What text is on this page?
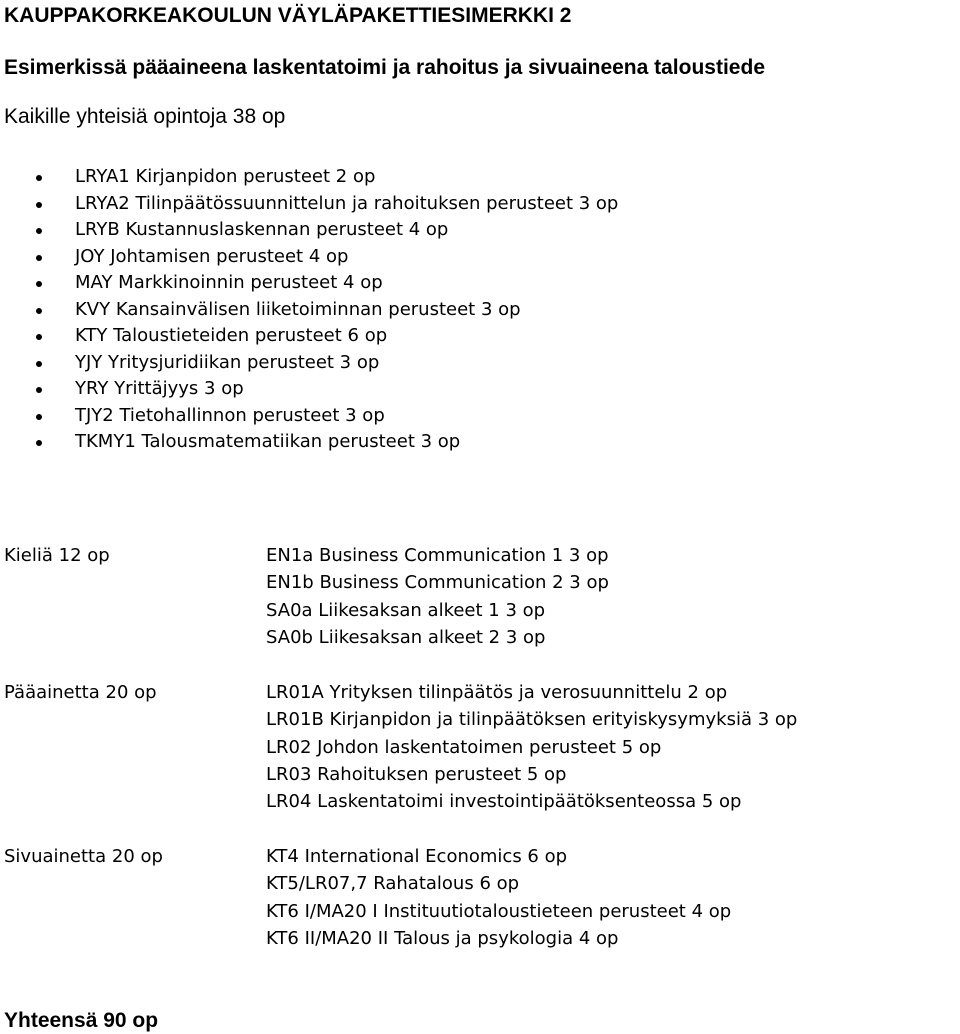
KAUPPAKORKEAKOULUN VÄYLÄPAKETTIESIMERKKI 2
Esimerkissä pääaineena laskentatoimi ja rahoitus ja sivuaineena taloustiede
Kaikille yhteisiä opintoja 38 op
LRYA1 Kirjanpidon perusteet 2 op
LRYA2 Tilinpäätössuunnittelun ja rahoituksen perusteet 3 op
LRYB Kustannuslaskennan perusteet 4 op
JOY Johtamisen perusteet 4 op
MAY Markkinoinnin perusteet 4 op
KVY Kansainvälisen liiketoiminnan perusteet 3 op
KTY Taloustieteiden perusteet 6 op
YJY Yritysjuridiikan perusteet 3 op
YRY Yrittäjyys 3 op
TJY2 Tietohallinnon perusteet 3 op
TKMY1 Talousmatematiikan perusteet 3 op
Kieliä 12 op	EN1a Business Communication 1 3 op
EN1b Business Communication 2 3 op
SA0a Liikesaksan alkeet 1 3 op
SA0b Liikesaksan alkeet 2 3 op
Pääainetta 20 op	LR01A Yrityksen tilinpäätös ja verosuunnittelu 2 op
LR01B Kirjanpidon ja tilinpäätöksen erityiskysymyksiä 3 op
LR02 Johdon laskentatoimen perusteet 5 op
LR03 Rahoituksen perusteet 5 op
LR04 Laskentatoimi investointipäätöksenteossa 5 op
Sivuainetta 20 op	KT4 International Economics 6 op
KT5/LR07,7 Rahatalous 6 op
KT6 I/MA20 I Instituutiotaloustieteen perusteet 4 op
KT6 II/MA20 II Talous ja psykologia 4 op
Yhteensä 90 op
